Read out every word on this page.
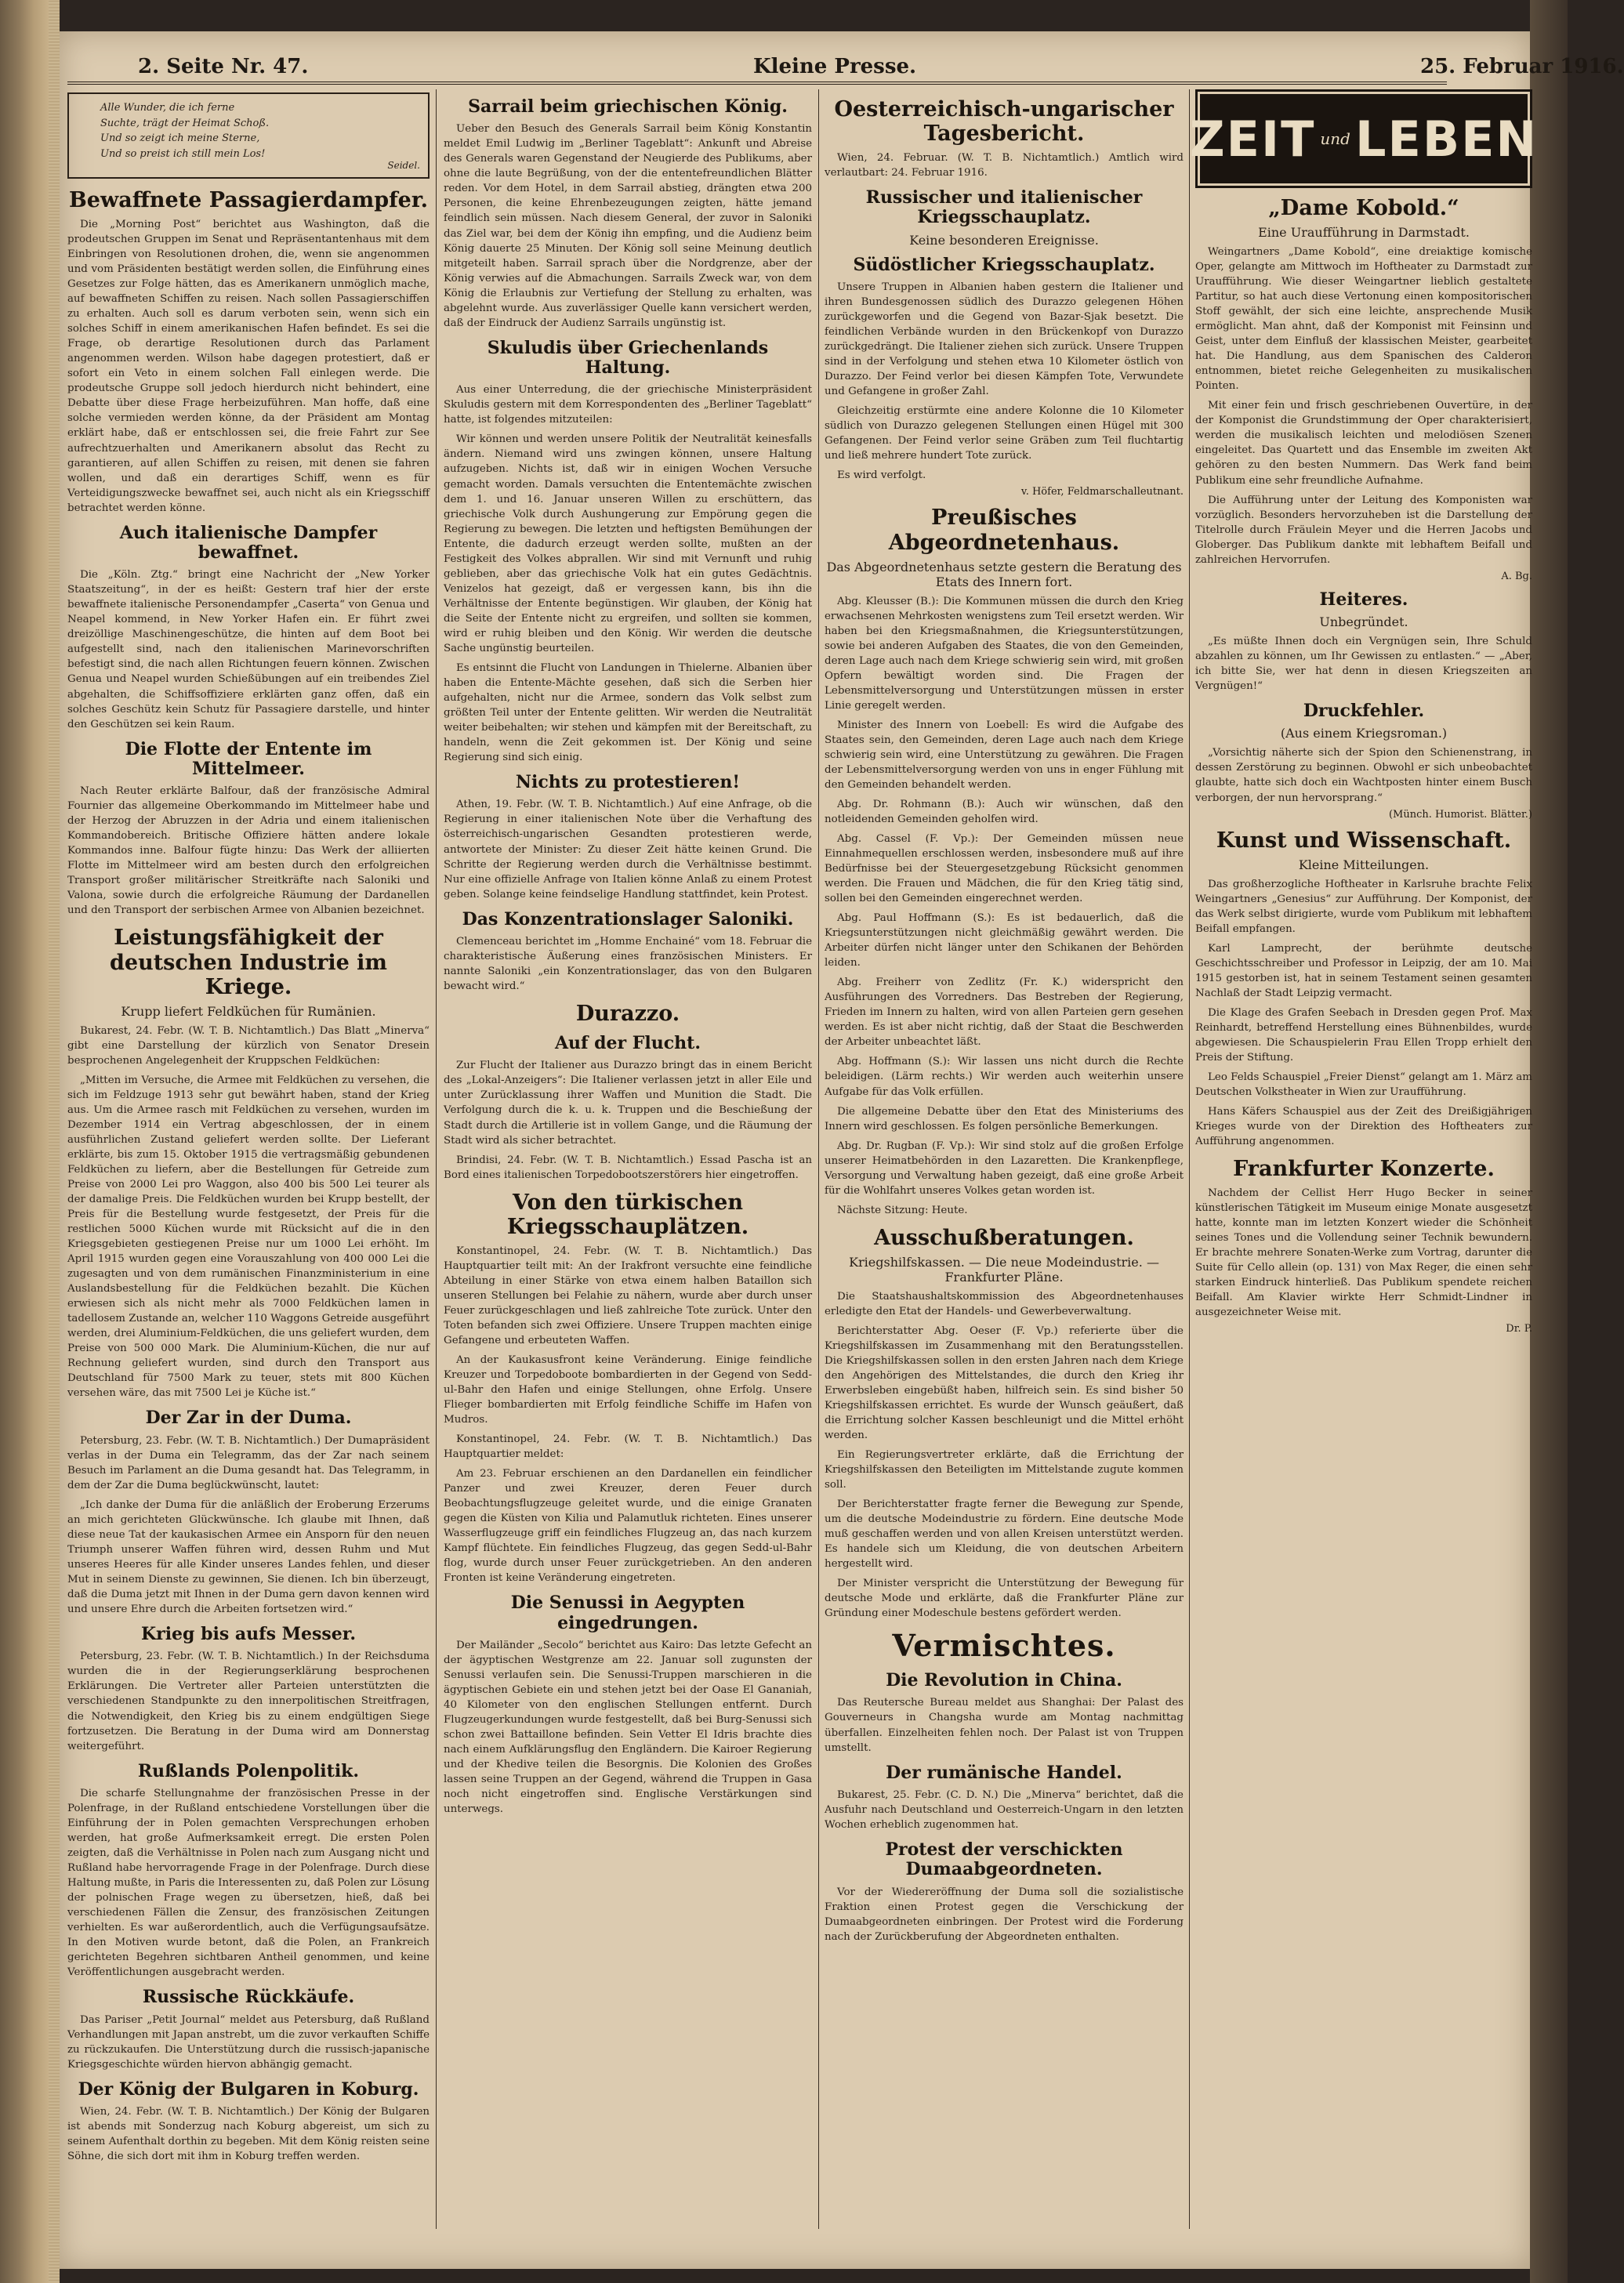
2. Seite Nr. 47.	Kleine Presse.	25. Februar 1916.
Alle Wunder, die ich ferne
Suchte, trägt der Heimat Schoß.
Und so zeigt ich meine Sterne,
Und so preist ich still mein Los!
Seidel.
Bewaffnete Passagierdampfer.

Die „Morning Post“ berichtet aus Washington, daß die prodeutschen Gruppen im Senat und Repräsentantenhaus mit dem Einbringen von Resolutionen drohen, die, wenn sie angenommen und vom Präsidenten bestätigt werden sollen, die Einführung eines Gesetzes zur Folge hätten, das es Amerikanern unmöglich mache, auf bewaffneten Schiffen zu reisen. Nach sollen Passagierschiffen zu erhalten. Auch soll es darum verboten sein, wenn sich ein solches Schiff in einem amerikanischen Hafen befindet. Es sei die Frage, ob derartige Resolutionen durch das Parlament angenommen werden. Wilson habe dagegen protestiert, daß er sofort ein Veto in einem solchen Fall einlegen werde. Die prodeutsche Gruppe soll jedoch hierdurch nicht behindert, eine Debatte über diese Frage herbeizuführen. Man hoffe, daß eine solche vermieden werden könne, da der Präsident am Montag erklärt habe, daß er entschlossen sei, die freie Fahrt zur See aufrechtzuerhalten und Amerikanern absolut das Recht zu garantieren, auf allen Schiffen zu reisen, mit denen sie fahren wollen, und daß ein derartiges Schiff, wenn es für Verteidigungszwecke bewaffnet sei, auch nicht als ein Kriegsschiff betrachtet werden könne.

Auch italienische Dampfer bewaffnet.

Die „Köln. Ztg.“ bringt eine Nachricht der „New Yorker Staatszeitung“, in der es heißt: Gestern traf hier der erste bewaffnete italienische Personendampfer „Caserta“ von Genua und Neapel kommend, in New Yorker Hafen ein. Er führt zwei dreizöllige Maschinengeschütze, die hinten auf dem Boot bei aufgestellt sind, nach den italienischen Marinevorschriften befestigt sind, die nach allen Richtungen feuern können. Zwischen Genua und Neapel wurden Schießübungen auf ein treibendes Ziel abgehalten, die Schiffsoffiziere erklärten ganz offen, daß ein solches Geschütz kein Schutz für Passagiere darstelle, und hinter den Geschützen sei kein Raum.

Die Flotte der Entente im Mittelmeer.

Nach Reuter erklärte Balfour, daß der französische Admiral Fournier das allgemeine Oberkommando im Mittelmeer habe und der Herzog der Abruzzen in der Adria und einem italienischen Kommandobereich. Britische Offiziere hätten andere lokale Kommandos inne. Balfour fügte hinzu: Das Werk der alliierten Flotte im Mittelmeer wird am besten durch den erfolgreichen Transport großer militärischer Streitkräfte nach Saloniki und Valona, sowie durch die erfolgreiche Räumung der Dardanellen und den Transport der serbischen Armee von Albanien bezeichnet.

Leistungsfähigkeit der deutschen Industrie im Kriege.
Krupp liefert Feldküchen für Rumänien.

Bukarest, 24. Febr. (W. T. B. Nichtamtlich.) Das Blatt „Minerva“ gibt eine Darstellung der kürzlich von Senator Dresein besprochenen Angelegenheit der Kruppschen Feldküchen:

„Mitten im Versuche, die Armee mit Feldküchen zu versehen, die sich im Feldzuge 1913 sehr gut bewährt haben, stand der Krieg aus. Um die Armee rasch mit Feldküchen zu versehen, wurden im Dezember 1914 ein Vertrag abgeschlossen, der in einem ausführlichen Zustand geliefert werden sollte. Der Lieferant erklärte, bis zum 15. Oktober 1915 die vertragsmäßig gebundenen Feldküchen zu liefern, aber die Bestellungen für Getreide zum Preise von 2000 Lei pro Waggon, also 400 bis 500 Lei teurer als der damalige Preis. Die Feldküchen wurden bei Krupp bestellt, der Preis für die Bestellung wurde festgesetzt, der Preis für die restlichen 5000 Küchen wurde mit Rücksicht auf die in den Kriegsgebieten gestiegenen Preise nur um 1000 Lei erhöht. Im April 1915 wurden gegen eine Vorauszahlung von 400 000 Lei die zugesagten und von dem rumänischen Finanzministerium in eine Auslandsbestellung für die Feldküchen bezahlt. Die Küchen erwiesen sich als nicht mehr als 7000 Feldküchen lamen in tadellosem Zustande an, welcher 110 Waggons Getreide ausgeführt werden, drei Aluminium-Feldküchen, die uns geliefert wurden, dem Preise von 500 000 Mark. Die Aluminium-Küchen, die nur auf Rechnung geliefert wurden, sind durch den Transport aus Deutschland für 7500 Mark zu teuer, stets mit 800 Küchen versehen wäre, das mit 7500 Lei je Küche ist.“

Der Zar in der Duma.

Petersburg, 23. Febr. (W. T. B. Nichtamtlich.) Der Dumapräsident verlas in der Duma ein Telegramm, das der Zar nach seinem Besuch im Parlament an die Duma gesandt hat. Das Telegramm, in dem der Zar die Duma beglückwünscht, lautet:

„Ich danke der Duma für die anläßlich der Eroberung Erzerums an mich gerichteten Glückwünsche. Ich glaube mit Ihnen, daß diese neue Tat der kaukasischen Armee ein Ansporn für den neuen Triumph unserer Waffen führen wird, dessen Ruhm und Mut unseres Heeres für alle Kinder unseres Landes fehlen, und dieser Mut in seinem Dienste zu gewinnen, Sie dienen. Ich bin überzeugt, daß die Duma jetzt mit Ihnen in der Duma gern davon kennen wird und unsere Ehre durch die Arbeiten fortsetzen wird.“

Krieg bis aufs Messer.

Petersburg, 23. Febr. (W. T. B. Nichtamtlich.) In der Reichsduma wurden die in der Regierungserklärung besprochenen Erklärungen. Die Vertreter aller Parteien unterstützten die verschiedenen Standpunkte zu den innerpolitischen Streitfragen, die Notwendigkeit, den Krieg bis zu einem endgültigen Siege fortzusetzen. Die Beratung in der Duma wird am Donnerstag weitergeführt.

Rußlands Polenpolitik.

Die scharfe Stellungnahme der französischen Presse in der Polenfrage, in der Rußland entschiedene Vorstellungen über die Einführung der in Polen gemachten Versprechungen erhoben werden, hat große Aufmerksamkeit erregt. Die ersten Polen zeigten, daß die Verhältnisse in Polen nach zum Ausgang nicht und Rußland habe hervorragende Frage in der Polenfrage. Durch diese Haltung mußte, in Paris die Interessenten zu, daß Polen zur Lösung der polnischen Frage wegen zu übersetzen, hieß, daß bei verschiedenen Fällen die Zensur, des französischen Zeitungen verhielten. Es war außerordentlich, auch die Verfügungsaufsätze. In den Motiven wurde betont, daß die Polen, an Frankreich gerichteten Begehren sichtbaren Antheil genommen, und keine Veröffentlichungen ausgebracht werden.

Russische Rückkäufe.

Das Pariser „Petit Journal“ meldet aus Petersburg, daß Rußland Verhandlungen mit Japan anstrebt, um die zuvor verkauften Schiffe zu rückzukaufen. Die Unterstützung durch die russisch-japanische Kriegsgeschichte würden hiervon abhängig gemacht.

Der König der Bulgaren in Koburg.

Wien, 24. Febr. (W. T. B. Nichtamtlich.) Der König der Bulgaren ist abends mit Sonderzug nach Koburg abgereist, um sich zu seinem Aufenthalt dorthin zu begeben. Mit dem König reisten seine Söhne, die sich dort mit ihm in Koburg treffen werden.

Sarrail beim griechischen König.

Ueber den Besuch des Generals Sarrail beim König Konstantin meldet Emil Ludwig im „Berliner Tageblatt“: Ankunft und Abreise des Generals waren Gegenstand der Neugierde des Publikums, aber ohne die laute Begrüßung, von der die ententefreundlichen Blätter reden. Vor dem Hotel, in dem Sarrail abstieg, drängten etwa 200 Personen, die keine Ehrenbezeugungen zeigten, hätte jemand feindlich sein müssen. Nach diesem General, der zuvor in Saloniki das Ziel war, bei dem der König ihn empfing, und die Audienz beim König dauerte 25 Minuten. Der König soll seine Meinung deutlich mitgeteilt haben. Sarrail sprach über die Nordgrenze, aber der König verwies auf die Abmachungen. Sarrails Zweck war, von dem König die Erlaubnis zur Vertiefung der Stellung zu erhalten, was abgelehnt wurde. Aus zuverlässiger Quelle kann versichert werden, daß der Eindruck der Audienz Sarrails ungünstig ist.

Skuludis über Griechenlands Haltung.

Aus einer Unterredung, die der griechische Ministerpräsident Skuludis gestern mit dem Korrespondenten des „Berliner Tageblatt“ hatte, ist folgendes mitzuteilen:

Wir können und werden unsere Politik der Neutralität keinesfalls ändern. Niemand wird uns zwingen können, unsere Haltung aufzugeben. Nichts ist, daß wir in einigen Wochen Versuche gemacht worden. Damals versuchten die Ententemächte zwischen dem 1. und 16. Januar unseren Willen zu erschüttern, das griechische Volk durch Aushungerung zur Empörung gegen die Regierung zu bewegen. Die letzten und heftigsten Bemühungen der Entente, die dadurch erzeugt werden sollte, mußten an der Festigkeit des Volkes abprallen. Wir sind mit Vernunft und ruhig geblieben, aber das griechische Volk hat ein gutes Gedächtnis. Venizelos hat gezeigt, daß er vergessen kann, bis ihn die Verhältnisse der Entente begünstigen. Wir glauben, der König hat die Seite der Entente nicht zu ergreifen, und sollten sie kommen, wird er ruhig bleiben und den König. Wir werden die deutsche Sache ungünstig beurteilen.

Es entsinnt die Flucht von Landungen in Thielerne. Albanien über haben die Entente-Mächte gesehen, daß sich die Serben hier aufgehalten, nicht nur die Armee, sondern das Volk selbst zum größten Teil unter der Entente gelitten. Wir werden die Neutralität weiter beibehalten; wir stehen und kämpfen mit der Bereitschaft, zu handeln, wenn die Zeit gekommen ist. Der König und seine Regierung sind sich einig.

Nichts zu protestieren!

Athen, 19. Febr. (W. T. B. Nichtamtlich.) Auf eine Anfrage, ob die Regierung in einer italienischen Note über die Verhaftung des österreichisch-ungarischen Gesandten protestieren werde, antwortete der Minister: Zu dieser Zeit hätte keinen Grund. Die Schritte der Regierung werden durch die Verhältnisse bestimmt. Nur eine offizielle Anfrage von Italien könne Anlaß zu einem Protest geben. Solange keine feindselige Handlung stattfindet, kein Protest.

Das Konzentrationslager Saloniki.

Clemenceau berichtet im „Homme Enchainé“ vom 18. Februar die charakteristische Äußerung eines französischen Ministers. Er nannte Saloniki „ein Konzentrationslager, das von den Bulgaren bewacht wird.“

Durazzo.
Auf der Flucht.

Zur Flucht der Italiener aus Durazzo bringt das in einem Bericht des „Lokal-Anzeigers“: Die Italiener verlassen jetzt in aller Eile und unter Zurücklassung ihrer Waffen und Munition die Stadt. Die Verfolgung durch die k. u. k. Truppen und die Beschießung der Stadt durch die Artillerie ist in vollem Gange, und die Räumung der Stadt wird als sicher betrachtet.

Brindisi, 24. Febr. (W. T. B. Nichtamtlich.) Essad Pascha ist an Bord eines italienischen Torpedobootszerstörers hier eingetroffen.

Von den türkischen Kriegsschauplätzen.

Konstantinopel, 24. Febr. (W. T. B. Nichtamtlich.) Das Hauptquartier teilt mit: An der Irakfront versuchte eine feindliche Abteilung in einer Stärke von etwa einem halben Bataillon sich unseren Stellungen bei Felahie zu nähern, wurde aber durch unser Feuer zurückgeschlagen und ließ zahlreiche Tote zurück. Unter den Toten befanden sich zwei Offiziere. Unsere Truppen machten einige Gefangene und erbeuteten Waffen.

An der Kaukasusfront keine Veränderung. Einige feindliche Kreuzer und Torpedoboote bombardierten in der Gegend von Sedd-ul-Bahr den Hafen und einige Stellungen, ohne Erfolg. Unsere Flieger bombardierten mit Erfolg feindliche Schiffe im Hafen von Mudros.

Konstantinopel, 24. Febr. (W. T. B. Nichtamtlich.) Das Hauptquartier meldet:

Am 23. Februar erschienen an den Dardanellen ein feindlicher Panzer und zwei Kreuzer, deren Feuer durch Beobachtungsflugzeuge geleitet wurde, und die einige Granaten gegen die Küsten von Kilia und Palamutluk richteten. Eines unserer Wasserflugzeuge griff ein feindliches Flugzeug an, das nach kurzem Kampf flüchtete. Ein feindliches Flugzeug, das gegen Sedd-ul-Bahr flog, wurde durch unser Feuer zurückgetrieben. An den anderen Fronten ist keine Veränderung eingetreten.

Die Senussi in Aegypten eingedrungen.

Der Mailänder „Secolo“ berichtet aus Kairo: Das letzte Gefecht an der ägyptischen Westgrenze am 22. Januar soll zugunsten der Senussi verlaufen sein. Die Senussi-Truppen marschieren in die ägyptischen Gebiete ein und stehen jetzt bei der Oase El Gananiah, 40 Kilometer von den englischen Stellungen entfernt. Durch Flugzeugerkundungen wurde festgestellt, daß bei Burg-Senussi sich schon zwei Battaillone befinden. Sein Vetter El Idris brachte dies nach einem Aufklärungsflug den Engländern. Die Kairoer Regierung und der Khedive teilen die Besorgnis. Die Kolonien des Großes lassen seine Truppen an der Gegend, während die Truppen in Gasa noch nicht eingetroffen sind. Englische Verstärkungen sind unterwegs.

Oesterreichisch-ungarischer Tagesbericht.

Wien, 24. Februar. (W. T. B. Nichtamtlich.) Amtlich wird verlautbart: 24. Februar 1916.

Russischer und italienischer Kriegsschauplatz.
Keine besonderen Ereignisse.
Südöstlicher Kriegsschauplatz.

Unsere Truppen in Albanien haben gestern die Italiener und ihren Bundesgenossen südlich des Durazzo gelegenen Höhen zurückgeworfen und die Gegend von Bazar-Sjak besetzt. Die feindlichen Verbände wurden in den Brückenkopf von Durazzo zurückgedrängt. Die Italiener ziehen sich zurück. Unsere Truppen sind in der Verfolgung und stehen etwa 10 Kilometer östlich von Durazzo. Der Feind verlor bei diesen Kämpfen Tote, Verwundete und Gefangene in großer Zahl.

Gleichzeitig erstürmte eine andere Kolonne die 10 Kilometer südlich von Durazzo gelegenen Stellungen einen Hügel mit 300 Gefangenen. Der Feind verlor seine Gräben zum Teil fluchtartig und ließ mehrere hundert Tote zurück.

Es wird verfolgt.

v. Höfer, Feldmarschalleutnant.
Preußisches Abgeordnetenhaus.
Das Abgeordnetenhaus setzte gestern die Beratung des Etats des Innern fort.

Abg. Kleusser (B.): Die Kommunen müssen die durch den Krieg erwachsenen Mehrkosten wenigstens zum Teil ersetzt werden. Wir haben bei den Kriegsmaßnahmen, die Kriegsunterstützungen, sowie bei anderen Aufgaben des Staates, die von den Gemeinden, deren Lage auch nach dem Kriege schwierig sein wird, mit großen Opfern bewältigt worden sind. Die Fragen der Lebensmittelversorgung und Unterstützungen müssen in erster Linie geregelt werden.

Minister des Innern von Loebell: Es wird die Aufgabe des Staates sein, den Gemeinden, deren Lage auch nach dem Kriege schwierig sein wird, eine Unterstützung zu gewähren. Die Fragen der Lebensmittelversorgung werden von uns in enger Fühlung mit den Gemeinden behandelt werden.

Abg. Dr. Rohmann (B.): Auch wir wünschen, daß den notleidenden Gemeinden geholfen wird.

Abg. Cassel (F. Vp.): Der Gemeinden müssen neue Einnahmequellen erschlossen werden, insbesondere muß auf ihre Bedürfnisse bei der Steuergesetzgebung Rücksicht genommen werden. Die Frauen und Mädchen, die für den Krieg tätig sind, sollen bei den Gemeinden eingerechnet werden.

Abg. Paul Hoffmann (S.): Es ist bedauerlich, daß die Kriegsunterstützungen nicht gleichmäßig gewährt werden. Die Arbeiter dürfen nicht länger unter den Schikanen der Behörden leiden.

Abg. Freiherr von Zedlitz (Fr. K.) widerspricht den Ausführungen des Vorredners. Das Bestreben der Regierung, Frieden im Innern zu halten, wird von allen Parteien gern gesehen werden. Es ist aber nicht richtig, daß der Staat die Beschwerden der Arbeiter unbeachtet läßt.

Abg. Hoffmann (S.): Wir lassen uns nicht durch die Rechte beleidigen. (Lärm rechts.) Wir werden auch weiterhin unsere Aufgabe für das Volk erfüllen.

Die allgemeine Debatte über den Etat des Ministeriums des Innern wird geschlossen. Es folgen persönliche Bemerkungen.

Abg. Dr. Rugban (F. Vp.): Wir sind stolz auf die großen Erfolge unserer Heimatbehörden in den Lazaretten. Die Krankenpflege, Versorgung und Verwaltung haben gezeigt, daß eine große Arbeit für die Wohlfahrt unseres Volkes getan worden ist.

Nächste Sitzung: Heute.

Ausschußberatungen.
Kriegshilfskassen. — Die neue Modeindustrie. — Frankfurter Pläne.

Die Staatshaushaltskommission des Abgeordnetenhauses erledigte den Etat der Handels- und Gewerbeverwaltung.

Berichterstatter Abg. Oeser (F. Vp.) referierte über die Kriegshilfskassen im Zusammenhang mit den Beratungsstellen. Die Kriegshilfskassen sollen in den ersten Jahren nach dem Kriege den Angehörigen des Mittelstandes, die durch den Krieg ihr Erwerbsleben eingebüßt haben, hilfreich sein. Es sind bisher 50 Kriegshilfskassen errichtet. Es wurde der Wunsch geäußert, daß die Errichtung solcher Kassen beschleunigt und die Mittel erhöht werden.

Ein Regierungsvertreter erklärte, daß die Errichtung der Kriegshilfskassen den Beteiligten im Mittelstande zugute kommen soll.

Der Berichterstatter fragte ferner die Bewegung zur Spende, um die deutsche Modeindustrie zu fördern. Eine deutsche Mode muß geschaffen werden und von allen Kreisen unterstützt werden. Es handele sich um Kleidung, die von deutschen Arbeitern hergestellt wird.

Der Minister verspricht die Unterstützung der Bewegung für deutsche Mode und erklärte, daß die Frankfurter Pläne zur Gründung einer Modeschule bestens gefördert werden.

Vermischtes.
Die Revolution in China.

Das Reutersche Bureau meldet aus Shanghai: Der Palast des Gouverneurs in Changsha wurde am Montag nachmittag überfallen. Einzelheiten fehlen noch. Der Palast ist von Truppen umstellt.

Der rumänische Handel.

Bukarest, 25. Febr. (C. D. N.) Die „Minerva“ berichtet, daß die Ausfuhr nach Deutschland und Oesterreich-Ungarn in den letzten Wochen erheblich zugenommen hat.

Protest der verschickten Dumaabgeordneten.

Vor der Wiedereröffnung der Duma soll die sozialistische Fraktion einen Protest gegen die Verschickung der Dumaabgeordneten einbringen. Der Protest wird die Forderung nach der Zurückberufung der Abgeordneten enthalten.

ZEIT und LEBEN
„Dame Kobold.“
Eine Uraufführung in Darmstadt.

Weingartners „Dame Kobold“, eine dreiaktige komische Oper, gelangte am Mittwoch im Hoftheater zu Darmstadt zur Uraufführung. Wie dieser Weingartner lieblich gestaltete Partitur, so hat auch diese Vertonung einen kompositorischen Stoff gewählt, der sich eine leichte, ansprechende Musik ermöglicht. Man ahnt, daß der Komponist mit Feinsinn und Geist, unter dem Einfluß der klassischen Meister, gearbeitet hat. Die Handlung, aus dem Spanischen des Calderon entnommen, bietet reiche Gelegenheiten zu musikalischen Pointen.

Mit einer fein und frisch geschriebenen Ouvertüre, in der der Komponist die Grundstimmung der Oper charakterisiert, werden die musikalisch leichten und melodiösen Szenen eingeleitet. Das Quartett und das Ensemble im zweiten Akt gehören zu den besten Nummern. Das Werk fand beim Publikum eine sehr freundliche Aufnahme.

Die Aufführung unter der Leitung des Komponisten war vorzüglich. Besonders hervorzuheben ist die Darstellung der Titelrolle durch Fräulein Meyer und die Herren Jacobs und Globerger. Das Publikum dankte mit lebhaftem Beifall und zahlreichen Hervorrufen.

A. Bg.
Heiteres.
Unbegründet.

„Es müßte Ihnen doch ein Vergnügen sein, Ihre Schuld abzahlen zu können, um Ihr Gewissen zu entlasten.“ — „Aber, ich bitte Sie, wer hat denn in diesen Kriegszeiten an Vergnügen!“

Druckfehler.
(Aus einem Kriegsroman.)

„Vorsichtig näherte sich der Spion den Schienenstrang, in dessen Zerstörung zu beginnen. Obwohl er sich unbeobachtet glaubte, hatte sich doch ein Wachtposten hinter einem Busch verborgen, der nun hervorsprang.“

(Münch. Humorist. Blätter.)
Kunst und Wissenschaft.
Kleine Mitteilungen.

Das großherzogliche Hoftheater in Karlsruhe brachte Felix Weingartners „Genesius“ zur Aufführung. Der Komponist, der das Werk selbst dirigierte, wurde vom Publikum mit lebhaftem Beifall empfangen.

Karl Lamprecht, der berühmte deutsche Geschichtsschreiber und Professor in Leipzig, der am 10. Mai 1915 gestorben ist, hat in seinem Testament seinen gesamten Nachlaß der Stadt Leipzig vermacht.

Die Klage des Grafen Seebach in Dresden gegen Prof. Max Reinhardt, betreffend Herstellung eines Bühnenbildes, wurde abgewiesen. Die Schauspielerin Frau Ellen Tropp erhielt den Preis der Stiftung.

Leo Felds Schauspiel „Freier Dienst“ gelangt am 1. März am Deutschen Volkstheater in Wien zur Uraufführung.

Hans Käfers Schauspiel aus der Zeit des Dreißigjährigen Krieges wurde von der Direktion des Hoftheaters zur Aufführung angenommen.

Frankfurter Konzerte.

Nachdem der Cellist Herr Hugo Becker in seiner künstlerischen Tätigkeit im Museum einige Monate ausgesetzt hatte, konnte man im letzten Konzert wieder die Schönheit seines Tones und die Vollendung seiner Technik bewundern. Er brachte mehrere Sonaten-Werke zum Vortrag, darunter die Suite für Cello allein (op. 131) von Max Reger, die einen sehr starken Eindruck hinterließ. Das Publikum spendete reichen Beifall. Am Klavier wirkte Herr Schmidt-Lindner in ausgezeichneter Weise mit.

Dr. P.
